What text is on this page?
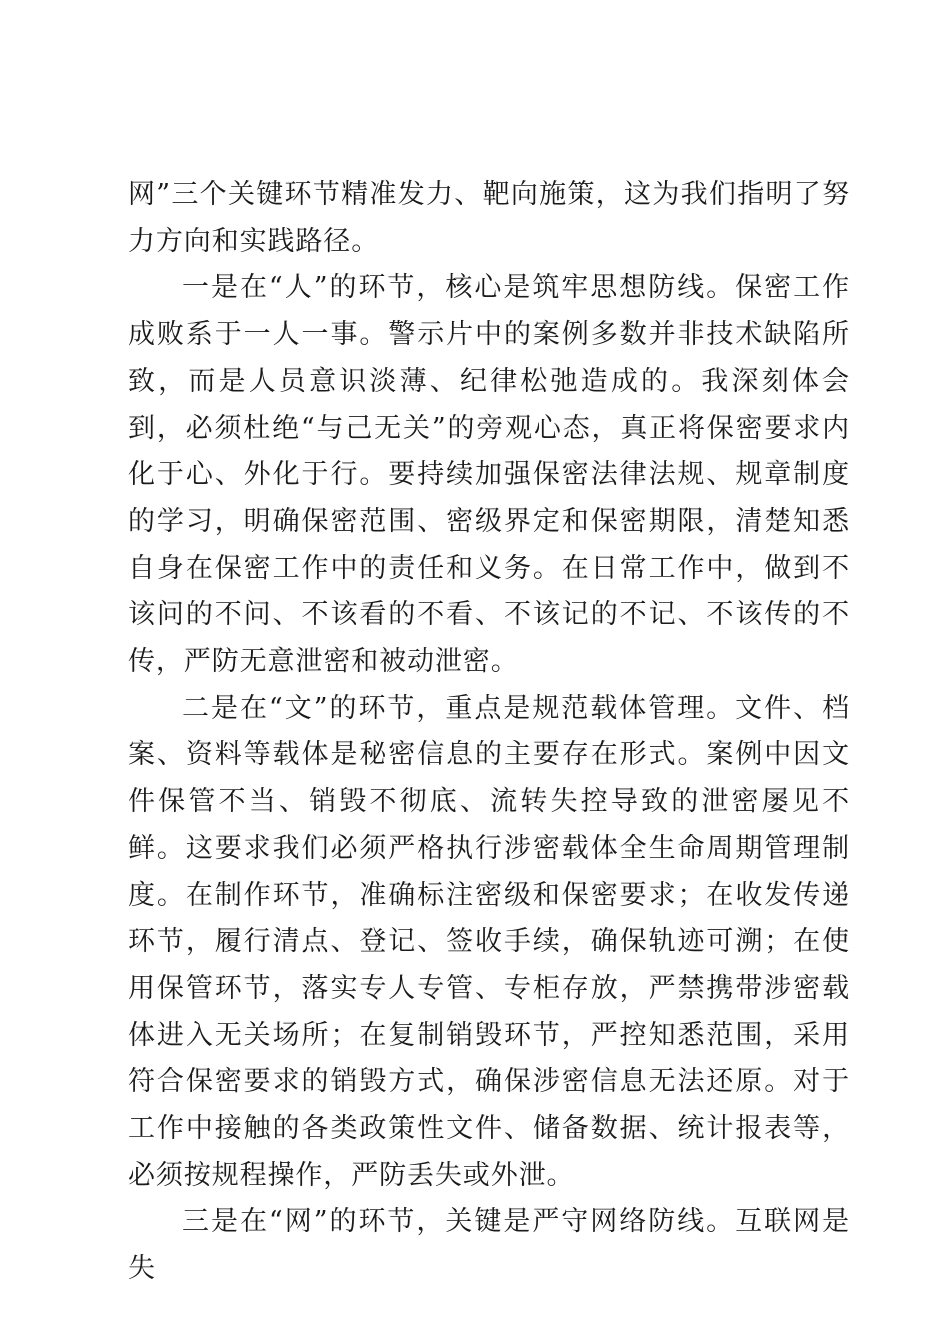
网”三个关键环节精准发力、靶向施策，这为我们指明了努力方向和实践路径。

一是在“人”的环节，核心是筑牢思想防线。保密工作成败系于一人一事。警示片中的案例多数并非技术缺陷所致，而是人员意识淡薄、纪律松弛造成的。我深刻体会到，必须杜绝“与己无关”的旁观心态，真正将保密要求内化于心、外化于行。要持续加强保密法律法规、规章制度的学习，明确保密范围、密级界定和保密期限，清楚知悉自身在保密工作中的责任和义务。在日常工作中，做到不该问的不问、不该看的不看、不该记的不记、不该传的不传，严防无意泄密和被动泄密。

二是在“文”的环节，重点是规范载体管理。文件、档案、资料等载体是秘密信息的主要存在形式。案例中因文件保管不当、销毁不彻底、流转失控导致的泄密屡见不鲜。这要求我们必须严格执行涉密载体全生命周期管理制度。在制作环节，准确标注密级和保密要求；在收发传递环节，履行清点、登记、签收手续，确保轨迹可溯；在使用保管环节，落实专人专管、专柜存放，严禁携带涉密载体进入无关场所；在复制销毁环节，严控知悉范围，采用符合保密要求的销毁方式，确保涉密信息无法还原。对于工作中接触的各类政策性文件、储备数据、统计报表等，必须按规程操作，严防丢失或外泄。

三是在“网”的环节，关键是严守网络防线。互联网是失
